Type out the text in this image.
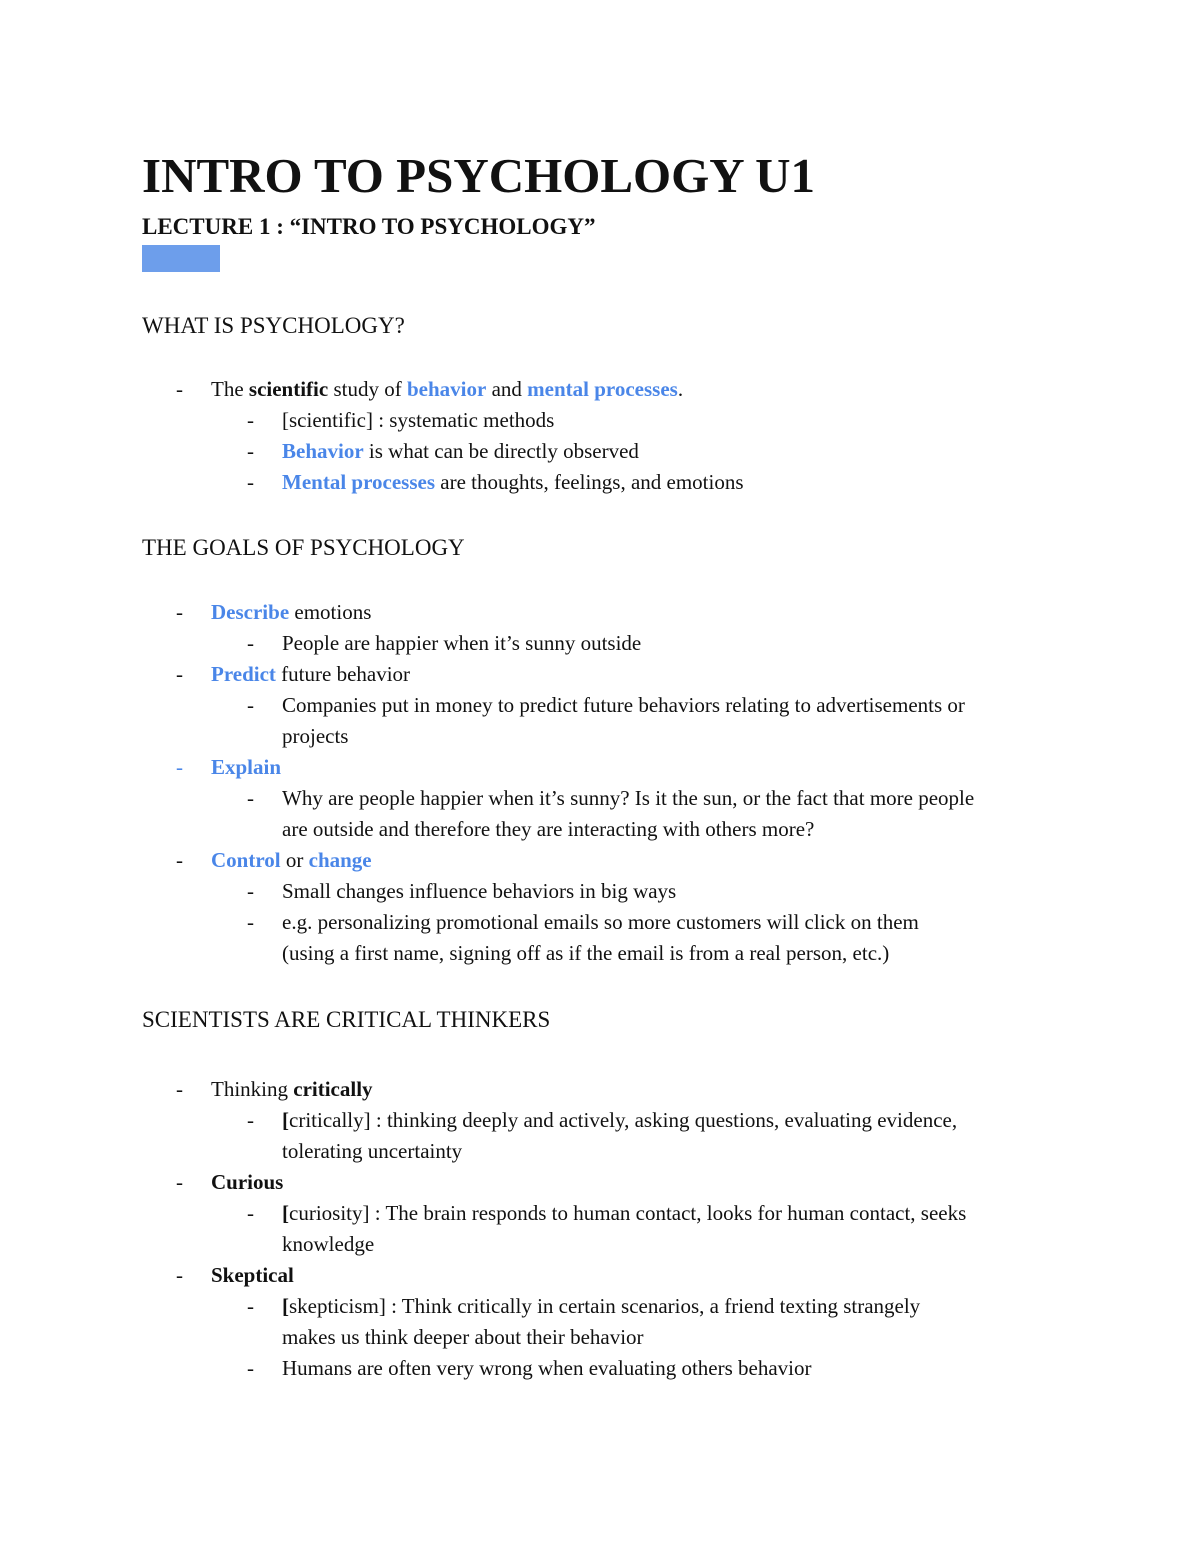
INTRO TO PSYCHOLOGY U1
LECTURE 1 : “INTRO TO PSYCHOLOGY”
WHAT IS PSYCHOLOGY?
-	The scientific study of behavior and mental processes.
-	[scientific] : systematic methods
-	Behavior is what can be directly observed
-	Mental processes are thoughts, feelings, and emotions
THE GOALS OF PSYCHOLOGY
-	Describe emotions
-	People are happier when it’s sunny outside
-	Predict future behavior
-	Companies put in money to predict future behaviors relating to advertisements or
projects
-	Explain
-	Why are people happier when it’s sunny? Is it the sun, or the fact that more people
are outside and therefore they are interacting with others more?
-	Control or change
-	Small changes influence behaviors in big ways
-	e.g. personalizing promotional emails so more customers will click on them
(using a first name, signing off as if the email is from a real person, etc.)
SCIENTISTS ARE CRITICAL THINKERS
-	Thinking critically
-	[critically] : thinking deeply and actively, asking questions, evaluating evidence,
tolerating uncertainty
-	Curious
-	[curiosity] : The brain responds to human contact, looks for human contact, seeks
knowledge
-	Skeptical
-	[skepticism] : Think critically in certain scenarios, a friend texting strangely
makes us think deeper about their behavior
-	Humans are often very wrong when evaluating others behavior
